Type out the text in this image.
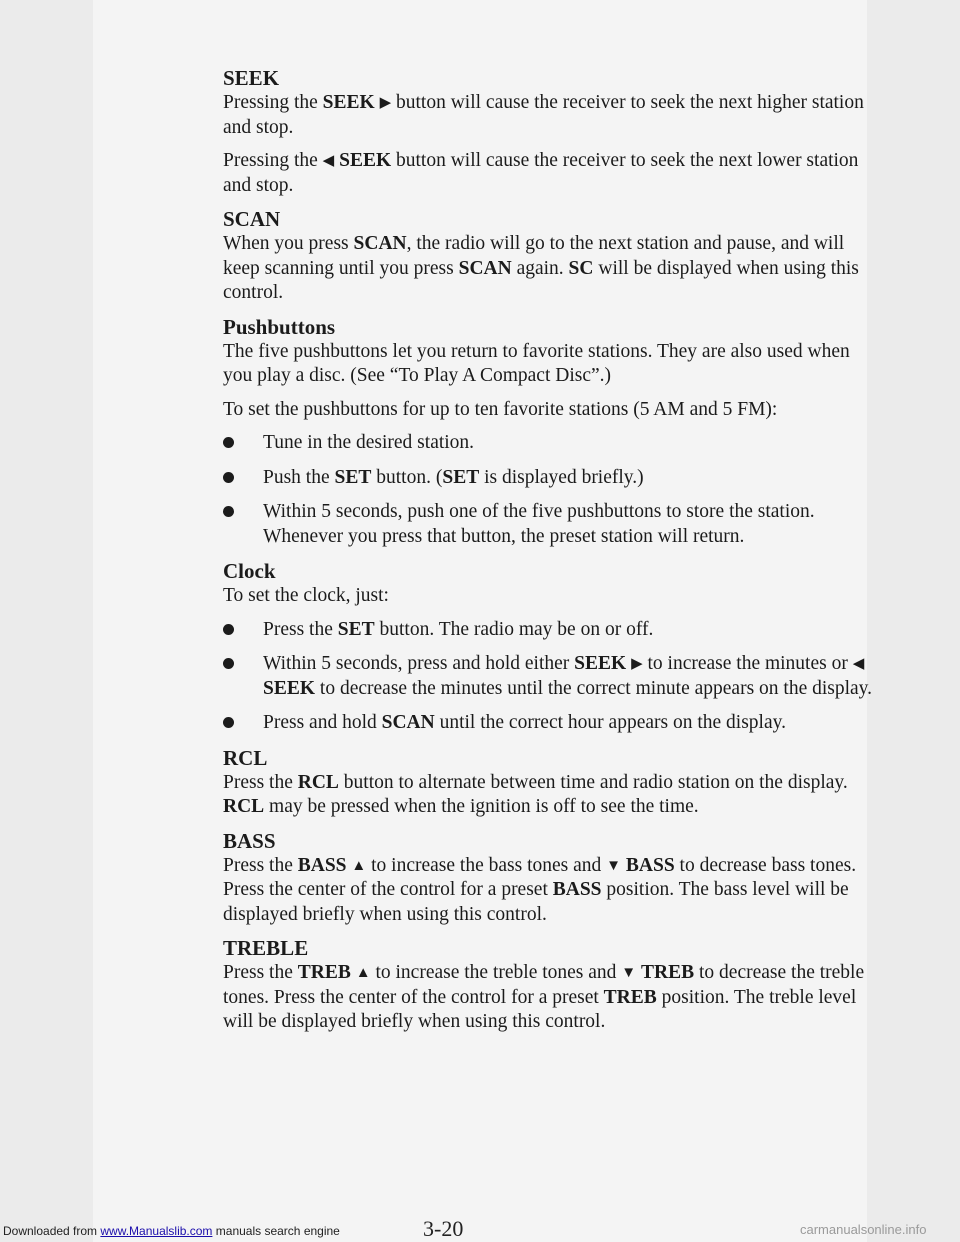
SEEK

Pressing the SEEK ▶ button will cause the receiver to seek the next higher station and stop.

Pressing the ◀ SEEK button will cause the receiver to seek the next lower station and stop.

SCAN

When you press SCAN, the radio will go to the next station and pause, and will keep scanning until you press SCAN again. SC will be displayed when using this control.

Pushbuttons

The five pushbuttons let you return to favorite stations. They are also used when you play a disc. (See “To Play A Compact Disc”.)

To set the pushbuttons for up to ten favorite stations (5 AM and 5 FM):

Tune in the desired station.
Push the SET button. (SET is displayed briefly.)
Within 5 seconds, push one of the five pushbuttons to store the station. Whenever you press that button, the preset station will return.
Clock

To set the clock, just:

Press the SET button. The radio may be on or off.
Within 5 seconds, press and hold either SEEK ▶ to increase the minutes or ◀ SEEK to decrease the minutes until the correct minute appears on the display.
Press and hold SCAN until the correct hour appears on the display.
RCL

Press the RCL button to alternate between time and radio station on the display. RCL may be pressed when the ignition is off to see the time.

BASS

Press the BASS ▲ to increase the bass tones and ▼ BASS to decrease bass tones. Press the center of the control for a preset BASS position. The bass level will be displayed briefly when using this control.

TREBLE

Press the TREB ▲ to increase the treble tones and ▼ TREB to decrease the treble tones. Press the center of the control for a preset TREB position. The treble level will be displayed briefly when using this control.

Downloaded from www.Manualslib.com manuals search engine	3-20	carmanualsonline.info
